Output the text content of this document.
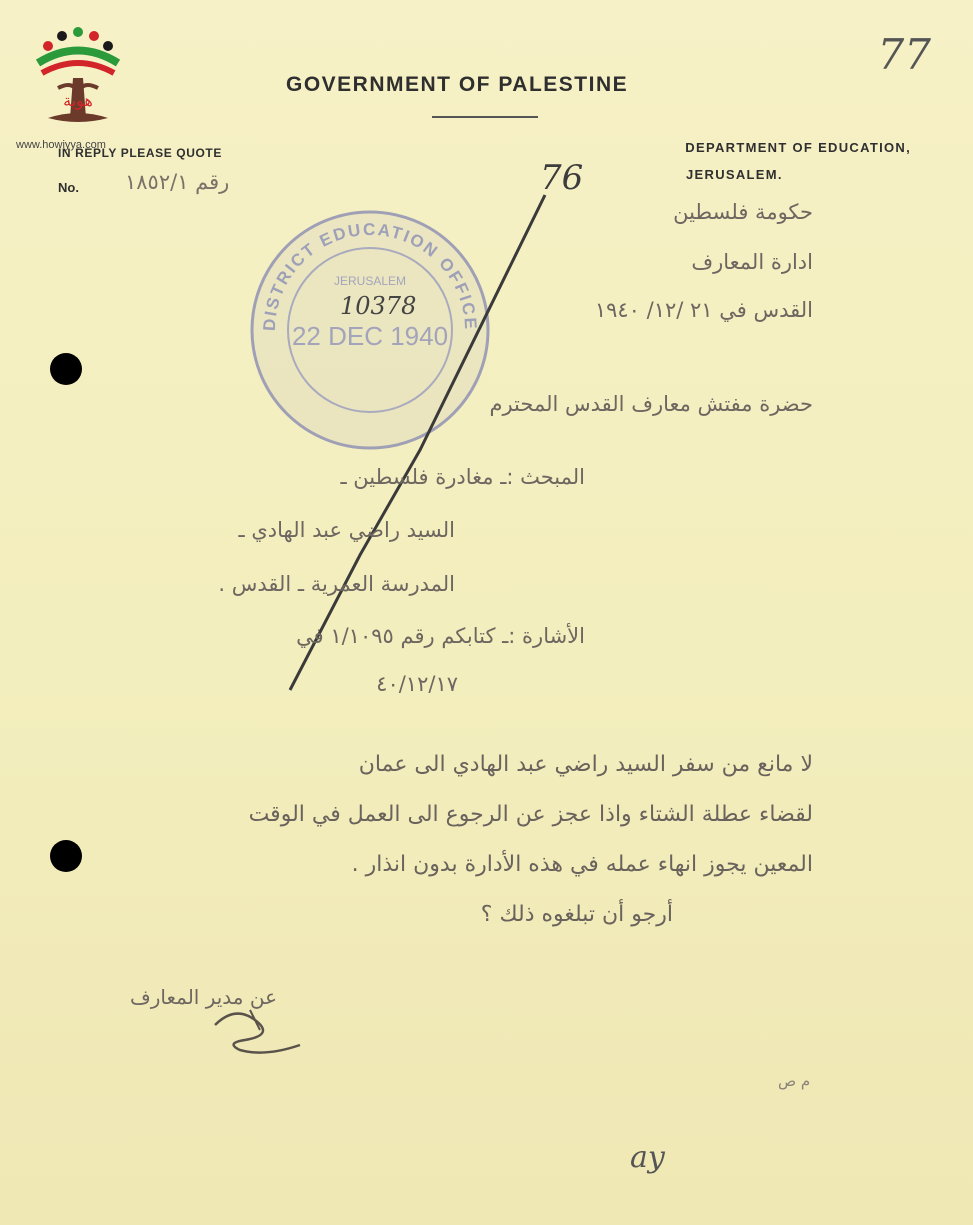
هوية
www.howiyya.com
77
GOVERNMENT OF PALESTINE
IN REPLY PLEASE QUOTE
No. رقم ١٨٥٢/١
DEPARTMENT OF EDUCATION,
JERUSALEM.
76
حكومة فلسطين
ادارة المعارف
القدس في ٢١ /١٢/ ١٩٤٠
DISTRICT EDUCATION OFFICE
JERUSALEM
22 DEC 1940
10378
حضرة مفتش معارف القدس المحترم
المبحث :ـ مغادرة فلسطين ـ
السيد راضي عبد الهادي ـ
المدرسة العمرية ـ القدس .
الأشارة :ـ كتابكم رقم ١/١٠٩٥ في
٤٠/١٢/١٧
لا مانع من سفر السيد راضي عبد الهادي الى عمان
لقضاء عطلة الشتاء واذا عجز عن الرجوع الى العمل في الوقت
المعين يجوز انهاء عمله في هذه الأدارة بدون انذار .
أرجو أن تبلغوه ذلك ؟
عن مدير المعارف
م ص
ay
